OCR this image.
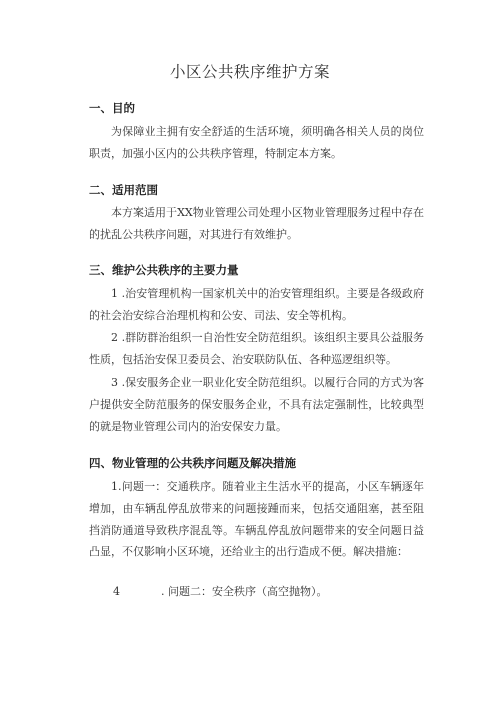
小区公共秩序维护方案
一、目的
为保障业主拥有安全舒适的生活环境，须明确各相关人员的岗位职责，加强小区内的公共秩序管理，特制定本方案。
二、适用范围
本方案适用于XX物业管理公司处理小区物业管理服务过程中存在的扰乱公共秩序问题，对其进行有效维护。
三、维护公共秩序的主要力量
1 .治安管理机构一国家机关中的治安管理组织。主要是各级政府的社会治安综合治理机构和公安、司法、安全等机构。
2 .群防群治组织一自治性安全防范组织。该组织主要具公益服务性质，包括治安保卫委员会、治安联防队伍、各种巡逻组织等。
3 .保安服务企业一职业化安全防范组织。以履行合同的方式为客户提供安全防范服务的保安服务企业，不具有法定强制性，比较典型的就是物业管理公司内的治安保安力量。
四、物业管理的公共秩序问题及解决措施
1.问题一：交通秩序。随着业主生活水平的提高，小区车辆逐年增加，由车辆乱停乱放带来的问题接踵而来，包括交通阻塞，甚至阻挡消防通道导致秩序混乱等。车辆乱停乱放问题带来的安全问题日益凸显，不仅影响小区环境，还给业主的出行造成不便。解决措施：
4	. 问题二：安全秩序（高空抛物）。
